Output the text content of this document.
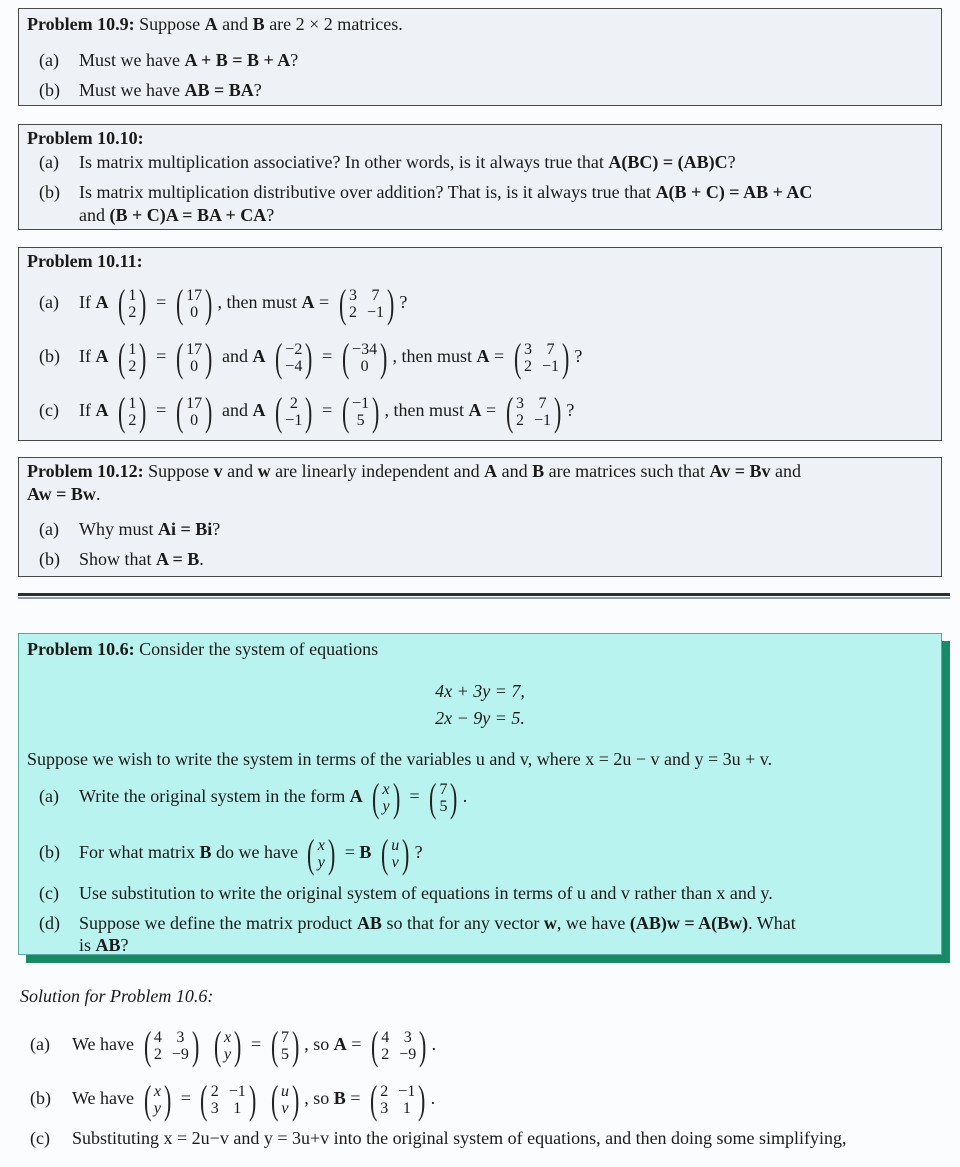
Problem 10.9: Suppose A and B are 2 × 2 matrices.
(a) Must we have A + B = B + A?
(b) Must we have AB = BA?
Problem 10.10:
(a) Is matrix multiplication associative? In other words, is it always true that A(BC) = (AB)C?
(b) Is matrix multiplication distributive over addition? That is, is it always true that A(B + C) = AB + AC
and (B + C)A = BA + CA?
Problem 10.11:
(a) If A ( 1
2 ) = ( 17
0 ) , then must A = ( 3 7
2 −1 ) ?
(b) If A ( 1
2 ) = ( 17
0 ) and A ( −2
−4 ) = ( −34
0 ) , then must A = ( 3 7
2 −1 ) ?
(c) If A ( 1
2 ) = ( 17
0 ) and A ( 2
−1 ) = ( −1
5 ) , then must A = ( 3 7
2 −1 ) ?
Problem 10.12: Suppose v and w are linearly independent and A and B are matrices such that Av = Bv and
Aw = Bw.
(a) Why must Ai = Bi?
(b) Show that A = B.
Problem 10.6: Consider the system of equations
4x + 3y = 7,
2x − 9y = 5.
Suppose we wish to write the system in terms of the variables u and v, where x = 2u − v and y = 3u + v.
(a) Write the original system in the form A ( x
y ) = ( 7
5 ) .
(b) For what matrix B do we have ( x
y ) = B ( u
v ) ?
(c) Use substitution to write the original system of equations in terms of u and v rather than x and y.
(d) Suppose we define the matrix product AB so that for any vector w, we have (AB)w = A(Bw). What
is AB?
Solution for Problem 10.6:
(a) We have ( 4 3
2 −9 )
( x
y ) = ( 7
5 ) , so A = ( 4 3
2 −9 ) .
(b) We have ( x
y ) = ( 2 −1
3 1 )
( u
v ) , so B = ( 2 −1
3 1 ) .
(c) Substituting x = 2u−v and y = 3u+v into the original system of equations, and then doing some simplifying,
